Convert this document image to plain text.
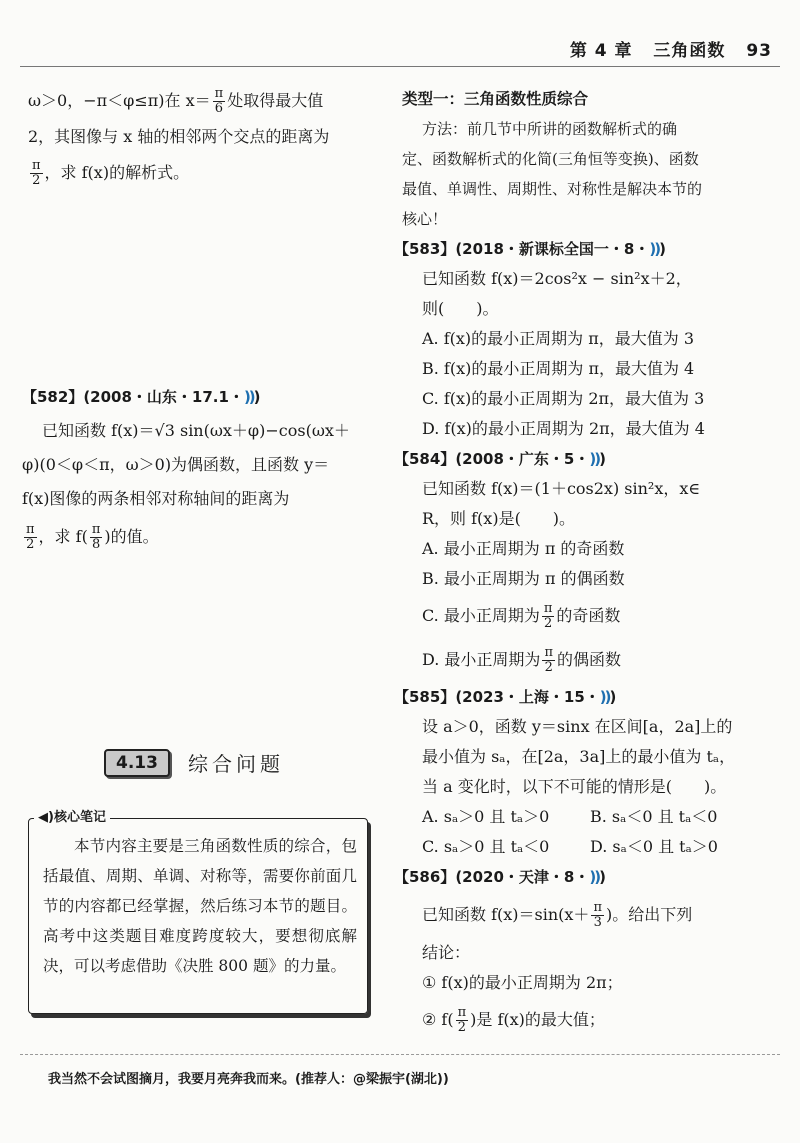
第 4 章 三角函数 93

ω＞0，−π＜φ≤π)在 $x= \frac{\pi}{6}$ 处取得最大值

2，其图像与 x 轴的相邻两个交点的距离为

$\frac{\pi}{2}$ ，求 f(x)的解析式。

【582】(2008・山东・17.1・)))

已知函数 f(x)＝√3 sin(ωx＋φ)−cos(ωx＋

φ)(0＜φ＜π，ω＞0)为偶函数，且函数 y＝

f(x)图像的两条相邻对称轴间的距离为

$\frac{\pi}{2}$ ，求 $f( \frac{\pi}{8}$ )的值。

4.13	综合问题

本节内容主要是三角函数性质的综合，包括最值、周期、单调、对称等，需要你前面几节的内容都已经掌握，然后练习本节的题目。高考中这类题目难度跨度较大，要想彻底解决，可以考虑借助《决胜 800 题》的力量。

◀)核心笔记

类型一：三角函数性质综合

方法：前几节中所讲的函数解析式的确

定、函数解析式的化简(三角恒等变换)、函数

最值、单调性、周期性、对称性是解决本节的

核心！

【583】(2018・新课标全国一・8・)))

已知函数 f(x)＝2cos²x − sin²x＋2，

则(　　)。

A. f(x)的最小正周期为 π，最大值为 3

B. f(x)的最小正周期为 π，最大值为 4

C. f(x)的最小正周期为 2π，最大值为 3

D. f(x)的最小正周期为 2π，最大值为 4

【584】(2008・广东・5・)))

已知函数 f(x)＝(1＋cos2x) sin²x，x∈

R，则 f(x)是(　　)。

A. 最小正周期为 π 的奇函数

B. 最小正周期为 π 的偶函数

C. 最小正周期为 $\frac{\pi}{2}$ 的奇函数

D. 最小正周期为 $\frac{\pi}{2}$ 的偶函数

【585】(2023・上海・15・)))

设 a＞0，函数 y＝sinx 在区间[a，2a]上的

最小值为 sₐ，在[2a，3a]上的最小值为 tₐ，

当 a 变化时，以下不可能的情形是(　　)。

A. sₐ＞0 且 tₐ＞0	B. sₐ＜0 且 tₐ＜0

C. sₐ＞0 且 tₐ＜0	D. sₐ＜0 且 tₐ＞0

【586】(2020・天津・8・)))

已知函数 $f(x)=\sin(x+ \frac{\pi}{3}$ )。给出下列

结论：

① f(x)的最小正周期为 2π；

② $f( \frac{\pi}{2}$ )是 f(x)的最大值；

我当然不会试图摘月，我要月亮奔我而来。(推荐人：@梁振宇(湖北))
